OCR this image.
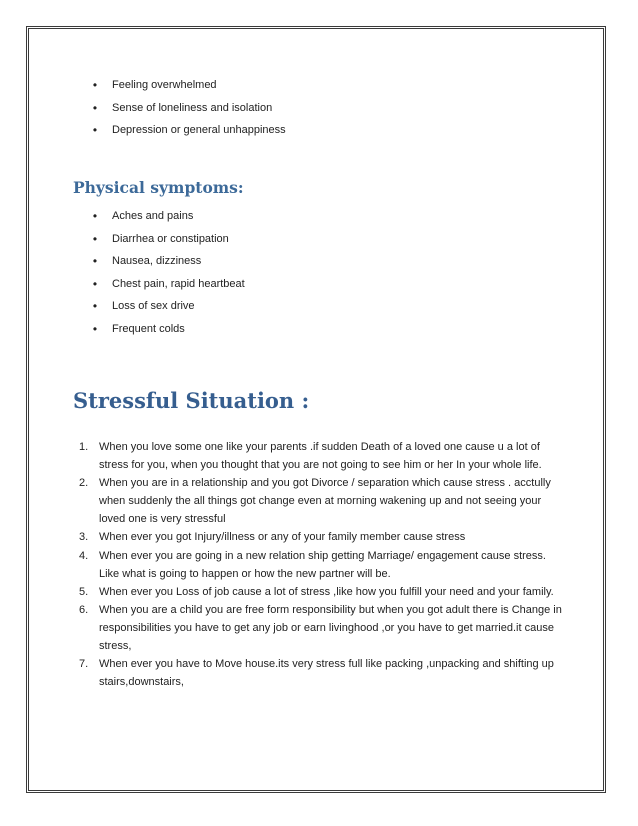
•	Feeling overwhelmed
•	Sense of loneliness and isolation
•	Depression or general unhappiness
Physical symptoms:
•	Aches and pains
•	Diarrhea or constipation
•	Nausea, dizziness
•	Chest pain, rapid heartbeat
•	Loss of sex drive
•	Frequent colds
Stressful Situation :
1. When you love some one like your parents .if sudden Death of a loved one cause u a lot of stress for you, when you thought that you are not going to see him or her In your whole life.
2. When you are in a relationship and you got Divorce / separation which cause stress . acctully when suddenly the all things got change even at morning wakening up and not seeing your loved one is very stressful
3. When ever you got Injury/illness or any of your family member cause stress
4. When ever you are going in a new relation ship getting Marriage/ engagement cause stress. Like what is going to happen or how the new partner will be.
5. When ever you Loss of job cause a lot of stress ,like how you fulfill your need and your family.
6. When you are a child you are free form responsibility but when you got adult there is Change in responsibilities you have to get any job or earn livinghood ,or you have to get married.it cause stress,
7. When ever you have to Move house.its very stress full like packing ,unpacking and shifting up stairs,downstairs,
